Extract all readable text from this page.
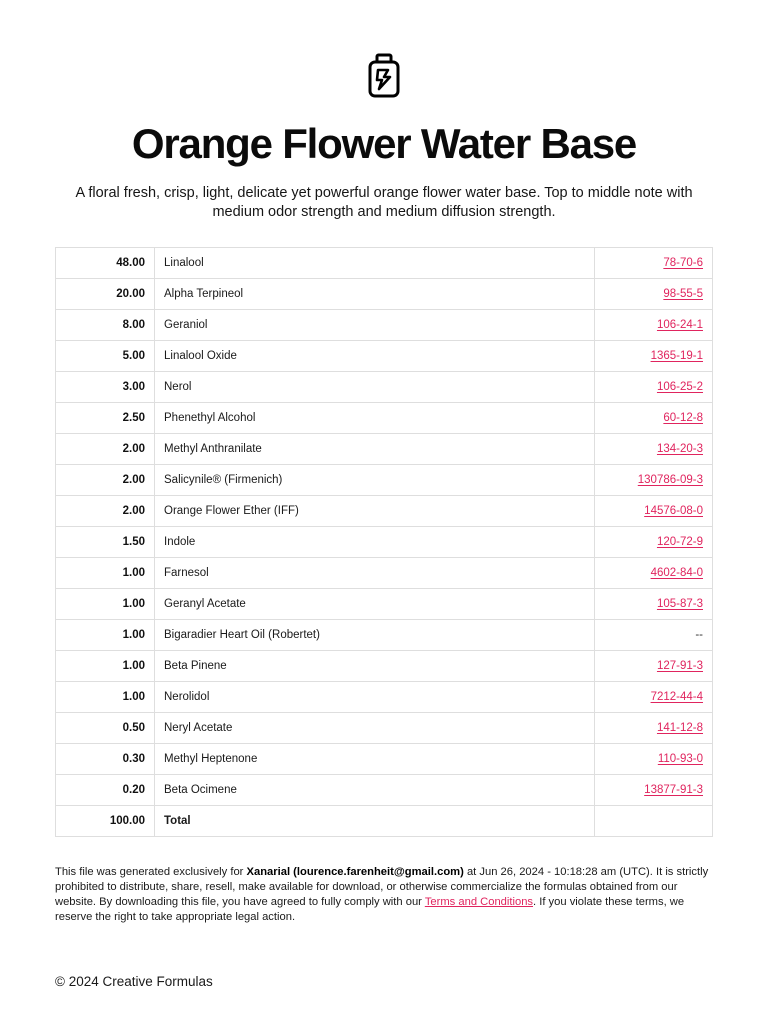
Orange Flower Water Base

A floral fresh, crisp, light, delicate yet powerful orange flower water base. Top to middle note with medium odor strength and medium diffusion strength.

48.00	Linalool	78-70-6
20.00	Alpha Terpineol	98-55-5
8.00	Geraniol	106-24-1
5.00	Linalool Oxide	1365-19-1
3.00	Nerol	106-25-2
2.50	Phenethyl Alcohol	60-12-8
2.00	Methyl Anthranilate	134-20-3
2.00	Salicynile® (Firmenich)	130786-09-3
2.00	Orange Flower Ether (IFF)	14576-08-0
1.50	Indole	120-72-9
1.00	Farnesol	4602-84-0
1.00	Geranyl Acetate	105-87-3
1.00	Bigaradier Heart Oil (Robertet)	--
1.00	Beta Pinene	127-91-3
1.00	Nerolidol	7212-44-4
0.50	Neryl Acetate	141-12-8
0.30	Methyl Heptenone	110-93-0
0.20	Beta Ocimene	13877-91-3
100.00	Total	
This file was generated exclusively for Xanarial (lourence.farenheit@gmail.com) at Jun 26, 2024 - 10:18:28 am (UTC). It is strictly prohibited to distribute, share, resell, make available for download, or otherwise commercialize the formulas obtained from our website. By downloading this file, you have agreed to fully comply with our Terms and Conditions. If you violate these terms, we reserve the right to take appropriate legal action.
© 2024 Creative Formulas
